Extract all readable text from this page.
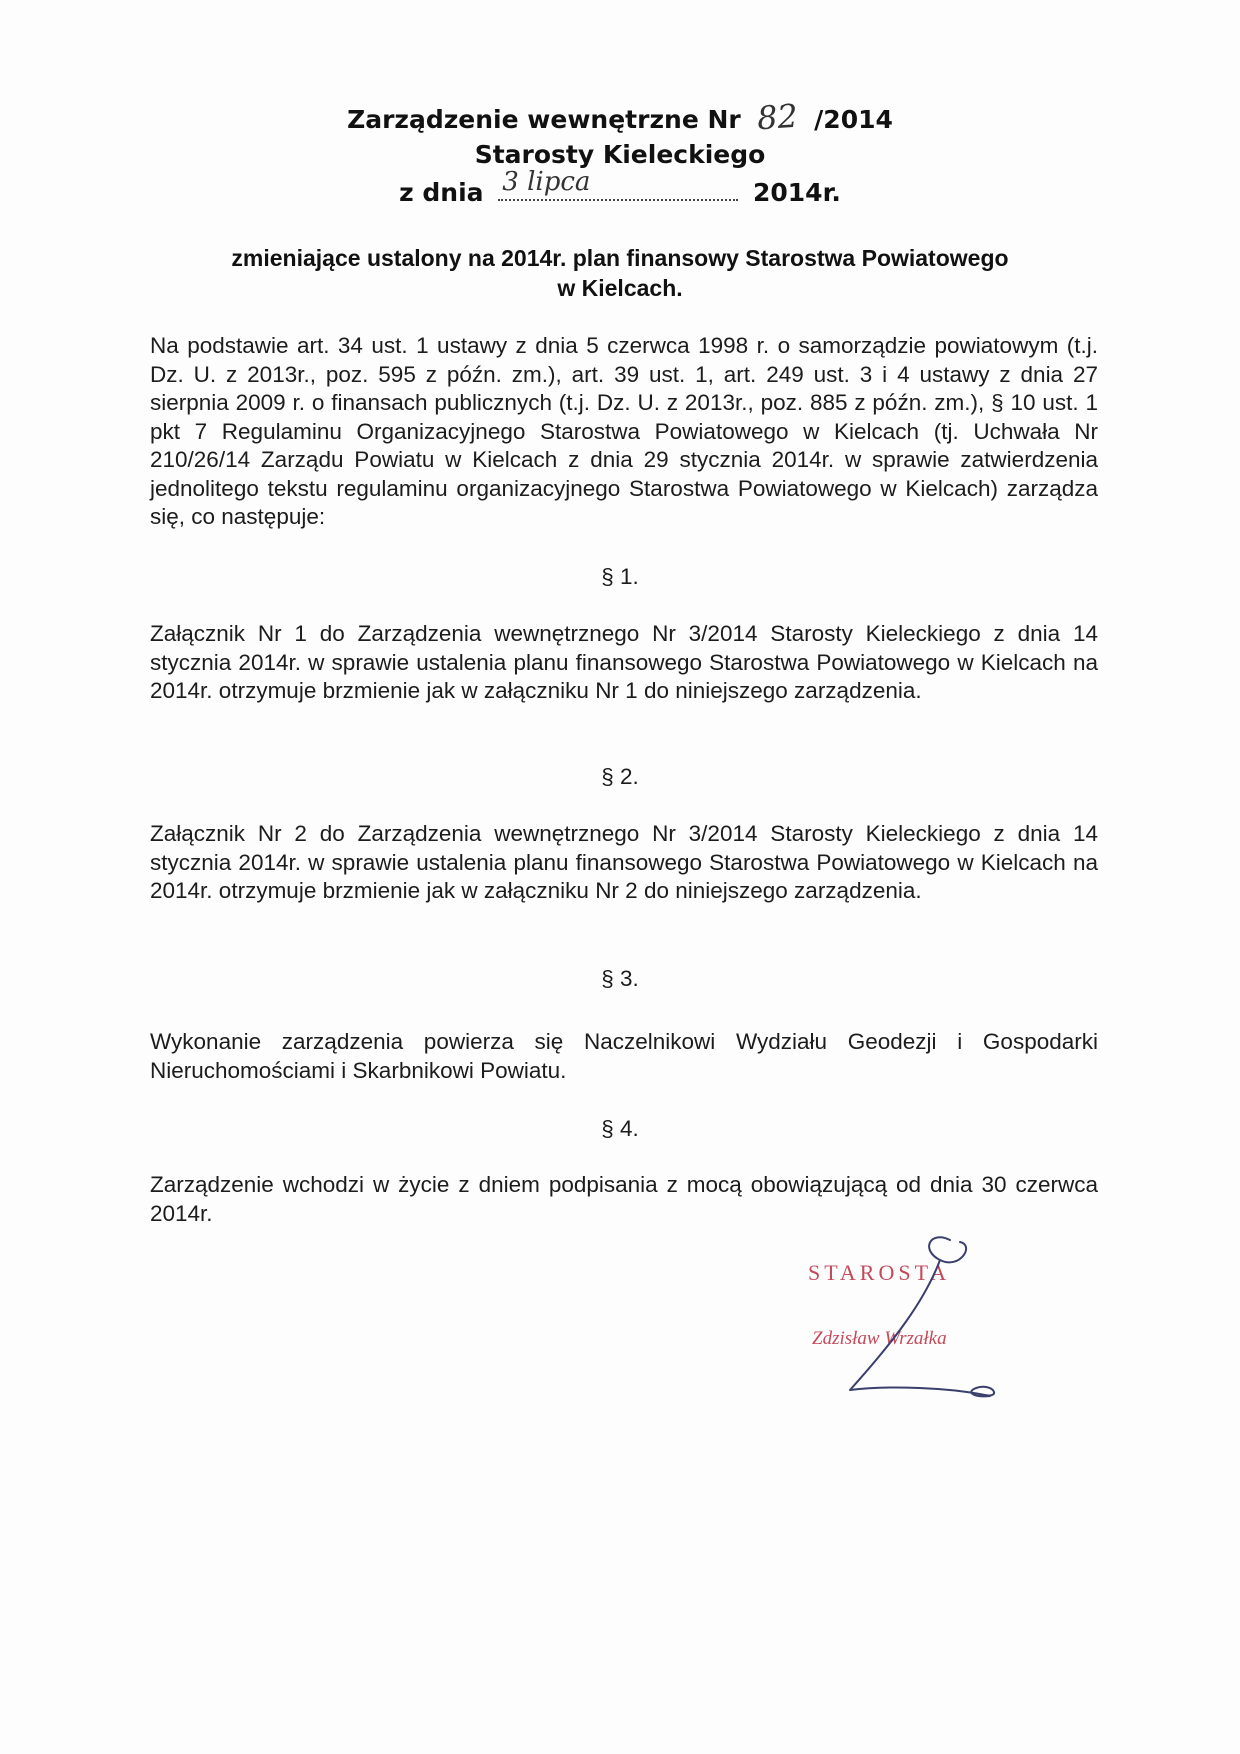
Zarządzenie wewnętrzne Nr 82 /2014
Starosty Kieleckiego
z dnia 3 lipca	2014r.
zmieniające ustalony na 2014r. plan finansowy Starostwa Powiatowego
w Kielcach.
Na podstawie art. 34 ust. 1 ustawy z dnia 5 czerwca 1998 r. o samorządzie powiatowym (t.j. Dz. U. z 2013r., poz. 595 z późn. zm.), art. 39 ust. 1, art. 249 ust. 3 i 4 ustawy z dnia 27 sierpnia 2009 r. o finansach publicznych (t.j. Dz. U. z 2013r., poz. 885 z późn. zm.), § 10 ust. 1 pkt 7 Regulaminu Organizacyjnego Starostwa Powiatowego w Kielcach (tj. Uchwała Nr 210/26/14 Zarządu Powiatu w Kielcach z dnia 29 stycznia 2014r. w sprawie zatwierdzenia jednolitego tekstu regulaminu organizacyjnego Starostwa Powiatowego w Kielcach) zarządza się, co następuje:
§ 1.
Załącznik Nr 1 do Zarządzenia wewnętrznego Nr 3/2014 Starosty Kieleckiego z dnia 14 stycznia 2014r. w sprawie ustalenia planu finansowego Starostwa Powiatowego w Kielcach na 2014r. otrzymuje brzmienie jak w załączniku Nr 1 do niniejszego zarządzenia.
§ 2.
Załącznik Nr 2 do Zarządzenia wewnętrznego Nr 3/2014 Starosty Kieleckiego z dnia 14 stycznia 2014r. w sprawie ustalenia planu finansowego Starostwa Powiatowego w Kielcach na 2014r. otrzymuje brzmienie jak w załączniku Nr 2 do niniejszego zarządzenia.
§ 3.
Wykonanie zarządzenia powierza się Naczelnikowi Wydziału Geodezji i Gospodarki Nieruchomościami i Skarbnikowi Powiatu.
§ 4.
Zarządzenie wchodzi w życie z dniem podpisania z mocą obowiązującą od dnia 30 czerwca 2014r.
STAROSTA
Zdzisław Wrzałka
